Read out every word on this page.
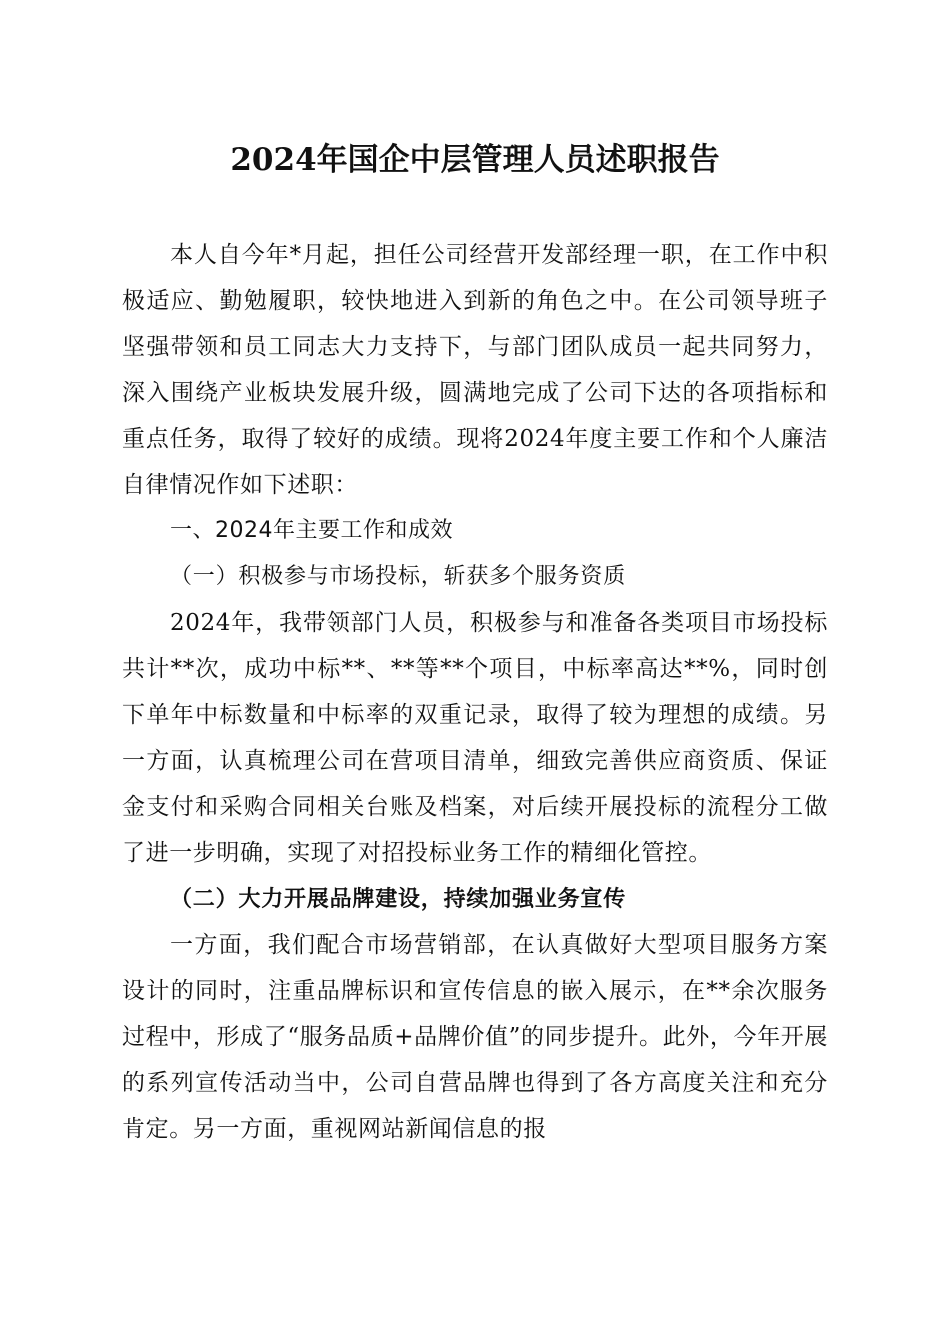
2024年国企中层管理人员述职报告

本人自今年*月起，担任公司经营开发部经理一职，在工作中积极适应、勤勉履职，较快地进入到新的角色之中。在公司领导班子坚强带领和员工同志大力支持下，与部门团队成员一起共同努力，深入围绕产业板块发展升级，圆满地完成了公司下达的各项指标和重点任务，取得了较好的成绩。现将2024年度主要工作和个人廉洁自律情况作如下述职：

一、2024年主要工作和成效

（一）积极参与市场投标，斩获多个服务资质

2024年，我带领部门人员，积极参与和准备各类项目市场投标共计**次，成功中标**、**等**个项目，中标率高达**%，同时创下单年中标数量和中标率的双重记录，取得了较为理想的成绩。另一方面，认真梳理公司在营项目清单，细致完善供应商资质、保证金支付和采购合同相关台账及档案，对后续开展投标的流程分工做了进一步明确，实现了对招投标业务工作的精细化管控。

（二）大力开展品牌建设，持续加强业务宣传

一方面，我们配合市场营销部，在认真做好大型项目服务方案设计的同时，注重品牌标识和宣传信息的嵌入展示，在**余次服务过程中，形成了“服务品质+品牌价值”的同步提升。此外，今年开展的系列宣传活动当中，公司自营品牌也得到了各方高度关注和充分肯定。另一方面，重视网站新闻信息的报
